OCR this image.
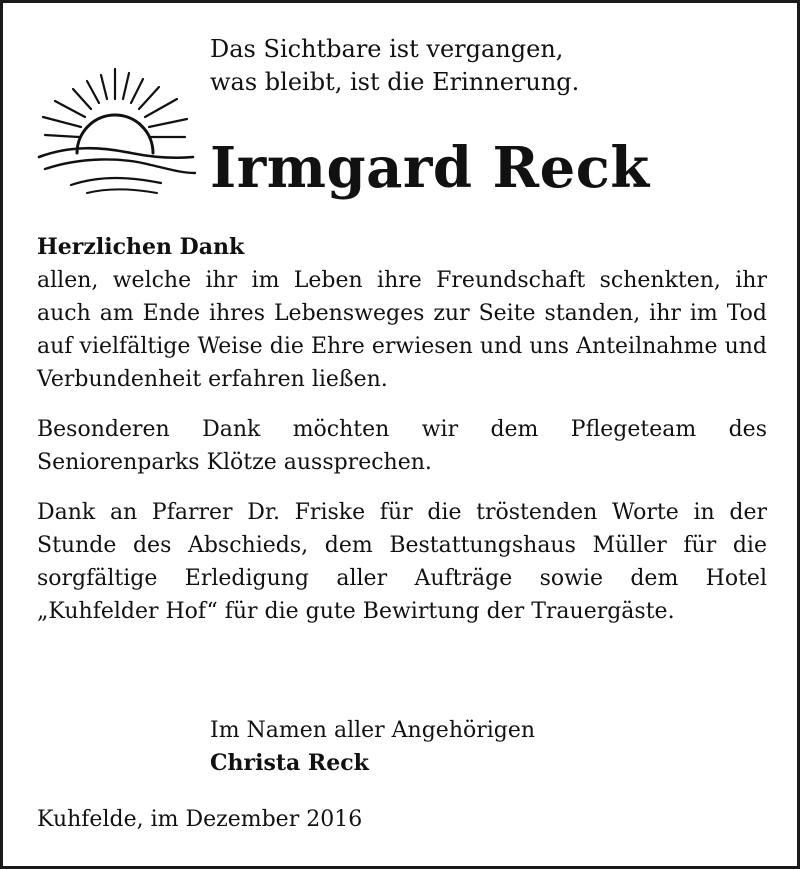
Das Sichtbare ist vergangen,
was bleibt, ist die Erinnerung.
Irmgard Reck
Herzlichen Dank

allen, welche ihr im Leben ihre Freundschaft schenkten, ihr auch am Ende ihres Lebensweges zur Seite standen, ihr im Tod auf vielfältige Weise die Ehre erwiesen und uns Anteilnahme und Verbundenheit erfahren ließen.

Besonderen Dank möchten wir dem Pflegeteam des Seniorenparks Klötze aussprechen.

Dank an Pfarrer Dr. Friske für die tröstenden Worte in der Stunde des Abschieds, dem Bestattungshaus Müller für die sorgfältige Erledigung aller Aufträge sowie dem Hotel „Kuhfelder Hof“ für die gute Bewirtung der Trauergäste.

Im Namen aller Angehörigen
Christa Reck
Kuhfelde, im Dezember 2016
